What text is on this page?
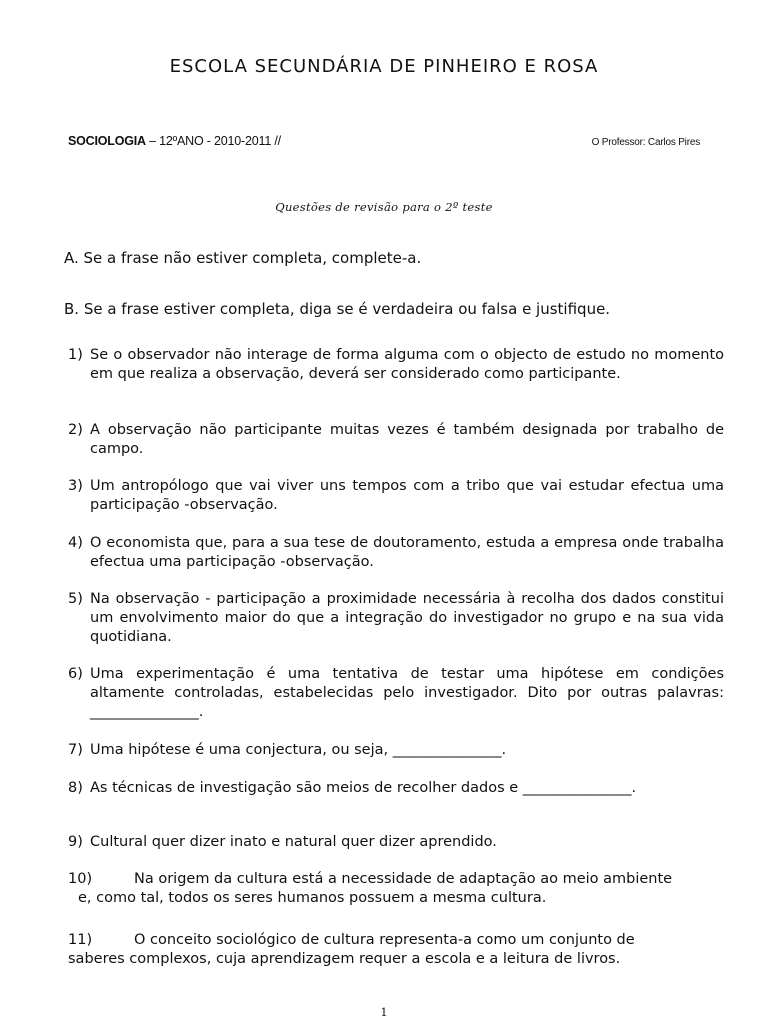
ESCOLA SECUNDÁRIA DE PINHEIRO E ROSA
SOCIOLOGIA – 12ºANO - 2010-2011 //	O Professor: Carlos Pires
Questões de revisão para o 2º teste
A. Se a frase não estiver completa, complete-a.
B. Se a frase estiver completa, diga se é verdadeira ou falsa e justifique.
1) Se o observador não interage de forma alguma com o objecto de estudo no momento em que realiza a observação, deverá ser considerado como participante.
2) A observação não participante muitas vezes é também designada por trabalho de campo.
3) Um antropólogo que vai viver uns tempos com a tribo que vai estudar efectua uma participação -observação.
4) O economista que, para a sua tese de doutoramento, estuda a empresa onde trabalha efectua uma participação -observação.
5) Na observação - participação a proximidade necessária à recolha dos dados constitui um envolvimento maior do que a integração do investigador no grupo e na sua vida quotidiana.
6) Uma experimentação é uma tentativa de testar uma hipótese em condições altamente controladas, estabelecidas pelo investigador. Dito por outras palavras: _______________.
7) Uma hipótese é uma conjectura, ou seja, _______________.
8) As técnicas de investigação são meios de recolher dados e _______________.
9) Cultural quer dizer inato e natural quer dizer aprendido.
10)	Na origem da cultura está a necessidade de adaptação ao meio ambiente
e, como tal, todos os seres humanos possuem a mesma cultura.
11)	O conceito sociológico de cultura representa-a como um conjunto de
saberes complexos, cuja aprendizagem requer a escola e a leitura de livros.
1
